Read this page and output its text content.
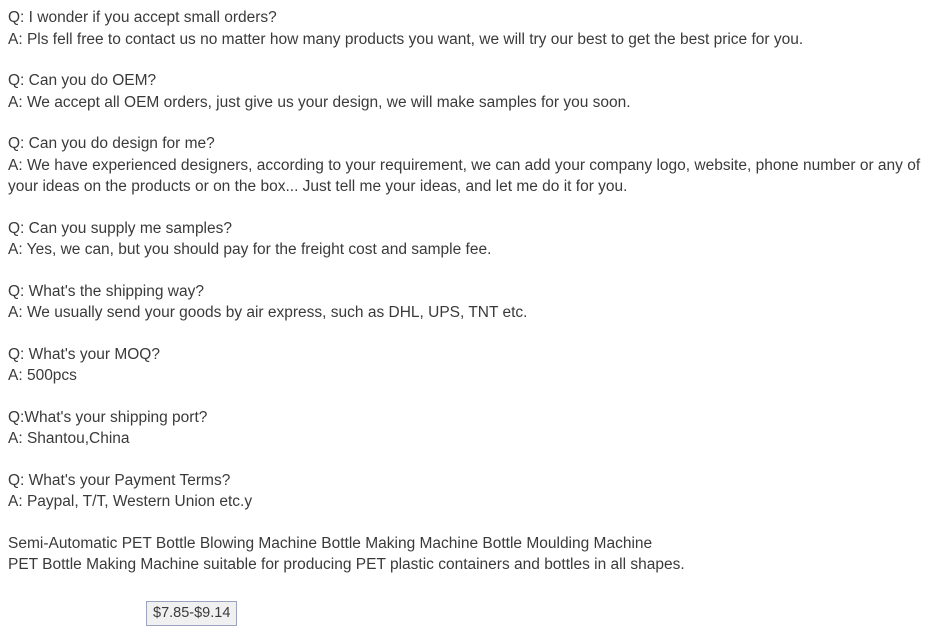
Q: I wonder if you accept small orders?
A: Pls fell free to contact us no matter how many products you want, we will try our best to get the best price for you.
Q: Can you do OEM?
A: We accept all OEM orders, just give us your design, we will make samples for you soon.
Q: Can you do design for me?
A: We have experienced designers, according to your requirement, we can add your company logo, website, phone number or any of
your ideas on the products or on the box... Just tell me your ideas, and let me do it for you.
Q: Can you supply me samples?
A: Yes, we can, but you should pay for the freight cost and sample fee.
Q: What's the shipping way?
A: We usually send your goods by air express, such as DHL, UPS, TNT etc.
Q: What's your MOQ?
A: 500pcs
Q:What's your shipping port?
A: Shantou,China
Q: What's your Payment Terms?
A: Paypal, T/T, Western Union etc.y
Semi-Automatic PET Bottle Blowing Machine Bottle Making Machine Bottle Moulding Machine
PET Bottle Making Machine suitable for producing PET plastic containers and bottles in all shapes.
$7.85-$9.14
